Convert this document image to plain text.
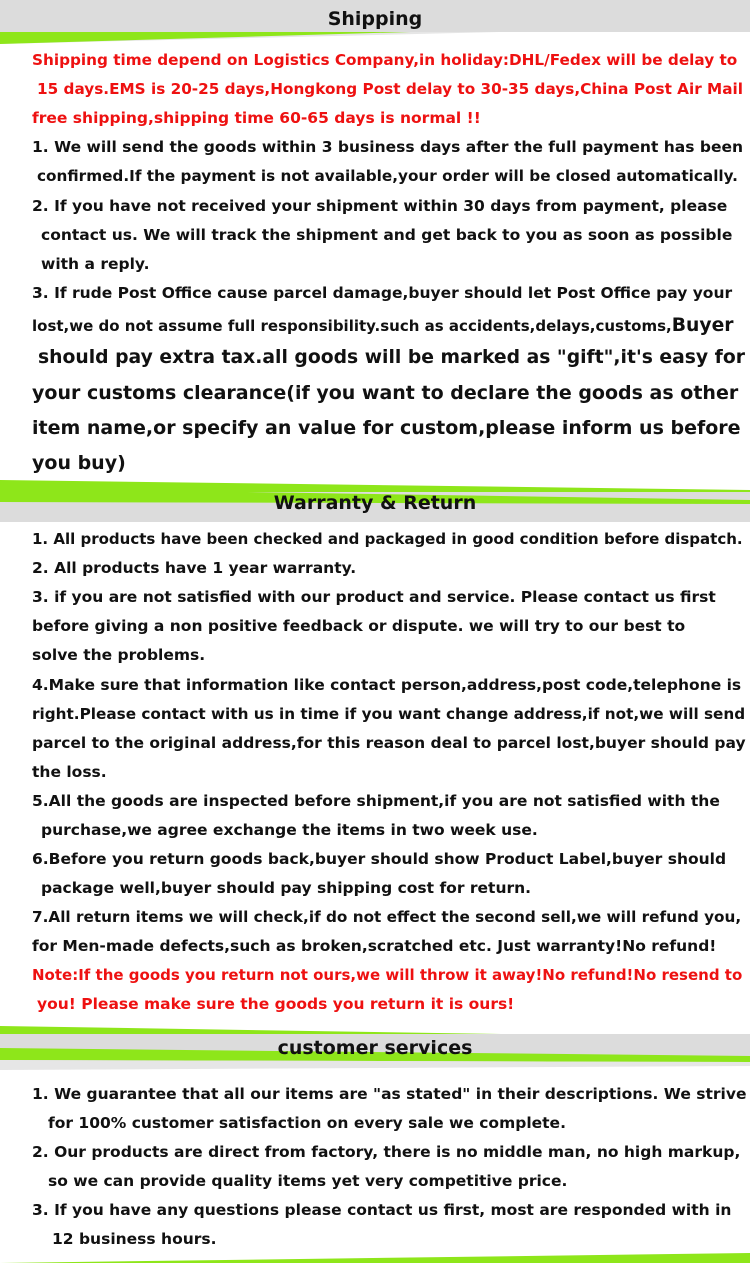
Shipping
Shipping time depend on Logistics Company,in holiday:DHL/Fedex will be delay to
15 days.EMS is 20-25 days,Hongkong Post delay to 30-35 days,China Post Air Mail
free shipping,shipping time 60-65 days is normal !!
1. We will send the goods within 3 business days after the full payment has been
confirmed.If the payment is not available,your order will be closed automatically.
2. If you have not received your shipment within 30 days from payment, please
contact us. We will track the shipment and get back to you as soon as possible
with a reply.
3. If rude Post Office cause parcel damage,buyer should let Post Office pay your
lost,we do not assume full responsibility.such as accidents,delays,customs,Buyer
should pay extra tax.all goods will be marked as "gift",it's easy for
your customs clearance(if you want to declare the goods as other
item name,or specify an value for custom,please inform us before
you buy)
Warranty & Return
1. All products have been checked and packaged in good condition before dispatch.
2. All products have 1 year warranty.
3. if you are not satisfied with our product and service. Please contact us first
before giving a non positive feedback or dispute. we will try to our best to
solve the problems.
4.Make sure that information like contact person,address,post code,telephone is
right.Please contact with us in time if you want change address,if not,we will send
parcel to the original address,for this reason deal to parcel lost,buyer should pay
the loss.
5.All the goods are inspected before shipment,if you are not satisfied with the
purchase,we agree exchange the items in two week use.
6.Before you return goods back,buyer should show Product Label,buyer should
package well,buyer should pay shipping cost for return.
7.All return items we will check,if do not effect the second sell,we will refund you,
for Men-made defects,such as broken,scratched etc. Just warranty!No refund!
Note:If the goods you return not ours,we will throw it away!No refund!No resend to
you! Please make sure the goods you return it is ours!
customer services
1. We guarantee that all our items are "as stated" in their descriptions. We strive
for 100% customer satisfaction on every sale we complete.
2. Our products are direct from factory, there is no middle man, no high markup,
so we can provide quality items yet very competitive price.
3. If you have any questions please contact us first, most are responded with in
12 business hours.
